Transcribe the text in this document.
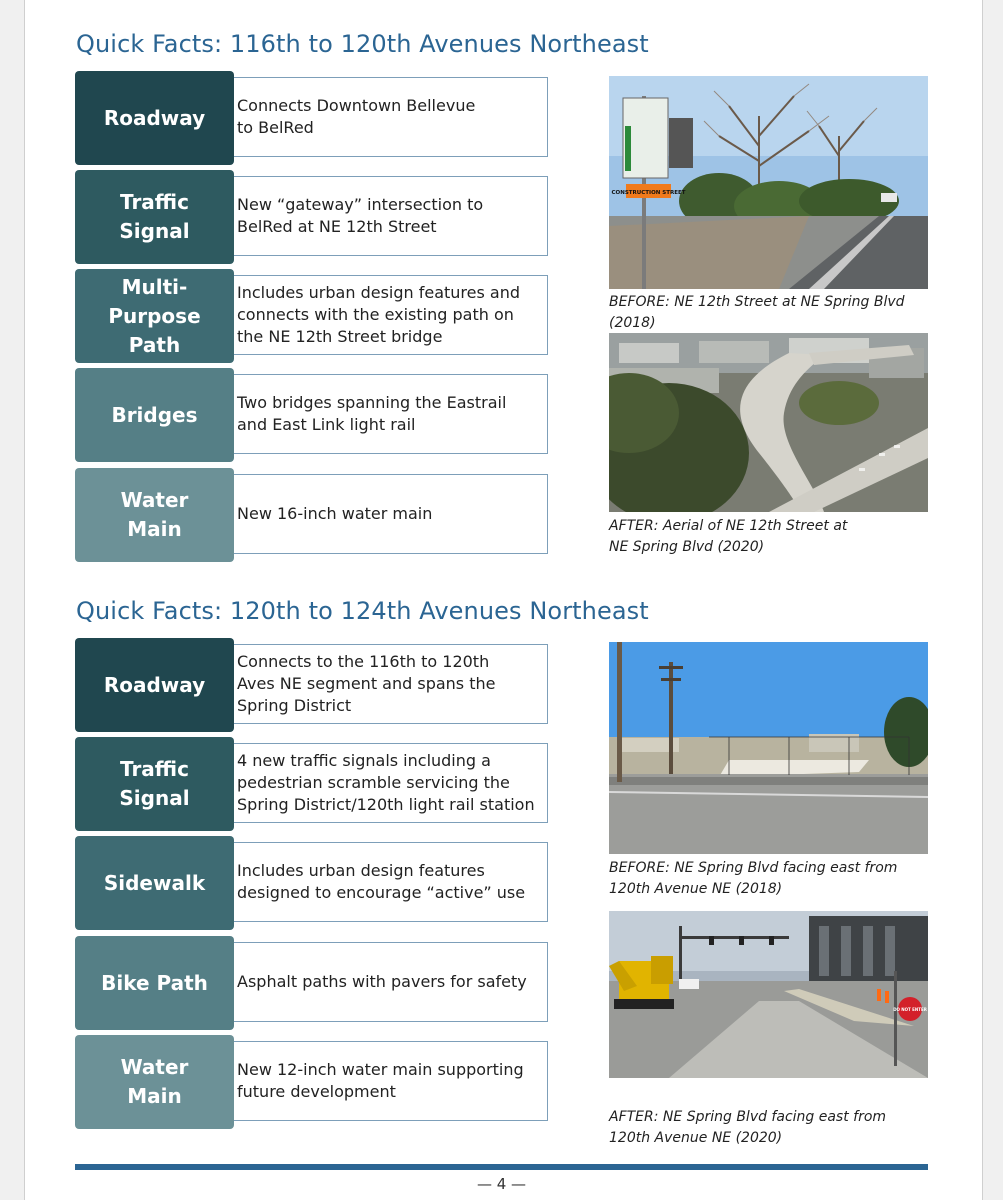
Quick Facts: 116th to 120th Avenues Northeast
Connects Downtown Bellevue
to BelRed
Roadway
New “gateway” intersection to
BelRed at NE 12th Street
Traffic
Signal
Includes urban design features and
connects with the existing path on
the NE 12th Street bridge
Multi-
Purpose
Path
Two bridges spanning the Eastrail
and East Link light rail
Bridges
New 16-inch water main
Water
Main
CONSTRUCTION STREET
BEFORE: NE 12th Street at NE Spring Blvd (2018)
AFTER: Aerial of NE 12th Street at
NE Spring Blvd (2020)
Quick Facts: 120th to 124th Avenues Northeast
Connects to the 116th to 120th
Aves NE segment and spans the
Spring District
Roadway
4 new traffic signals including a
pedestrian scramble servicing the
Spring District/120th light rail station
Traffic
Signal
Includes urban design features
designed to encourage “active” use
Sidewalk
Asphalt paths with pavers for safety
Bike Path
New 12-inch water main supporting
future development
Water
Main
BEFORE: NE Spring Blvd facing east from
120th Avenue NE (2018)
DO NOT ENTER
AFTER: NE Spring Blvd facing east from
120th Avenue NE (2020)
— 4 —
